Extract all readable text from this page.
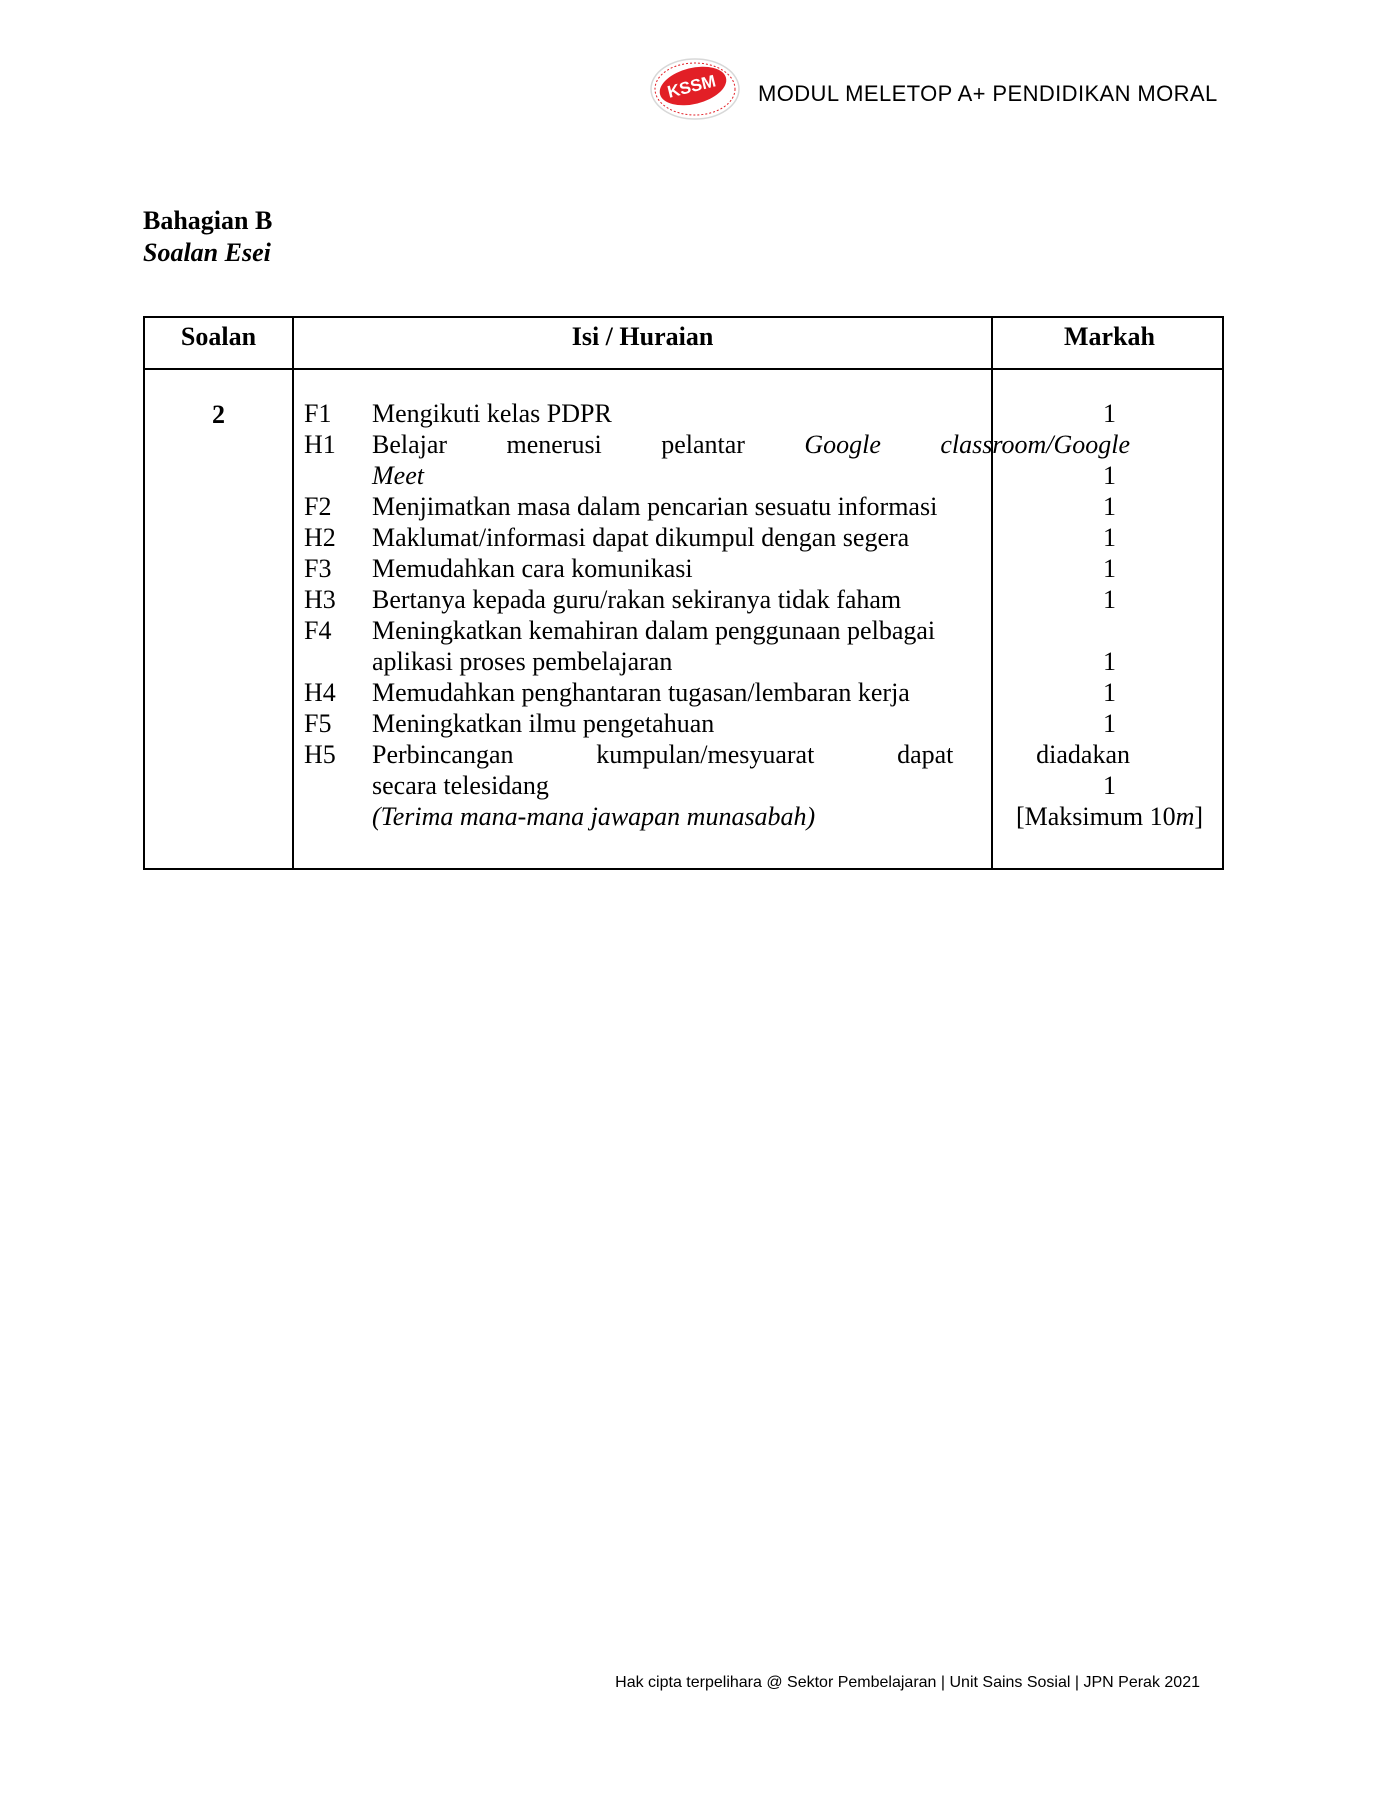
KSSM MODUL MELETOP A+ PENDIDIKAN MORAL
Bahagian B
Soalan Esei
Soalan	Isi / Huraian	Markah
2	F1	Mengikuti kelas PDPR	1
H1	Belajar menerusi pelantar Google classroom/Google
Meet	1
F2	Menjimatkan masa dalam pencarian sesuatu informasi	1
H2	Maklumat/informasi dapat dikumpul dengan segera	1
F3	Memudahkan cara komunikasi	1
H3	Bertanya kepada guru/rakan sekiranya tidak faham	1
F4	Meningkatkan kemahiran dalam penggunaan pelbagai
aplikasi proses pembelajaran	1
H4	Memudahkan penghantaran tugasan/lembaran kerja	1
F5	Meningkatkan ilmu pengetahuan	1
H5	Perbincangan kumpulan/mesyuarat dapat diadakan
secara telesidang	1
(Terima mana-mana jawapan munasabah)	[Maksimum 10m]
Hak cipta terpelihara @ Sektor Pembelajaran | Unit Sains Sosial | JPN Perak 2021
